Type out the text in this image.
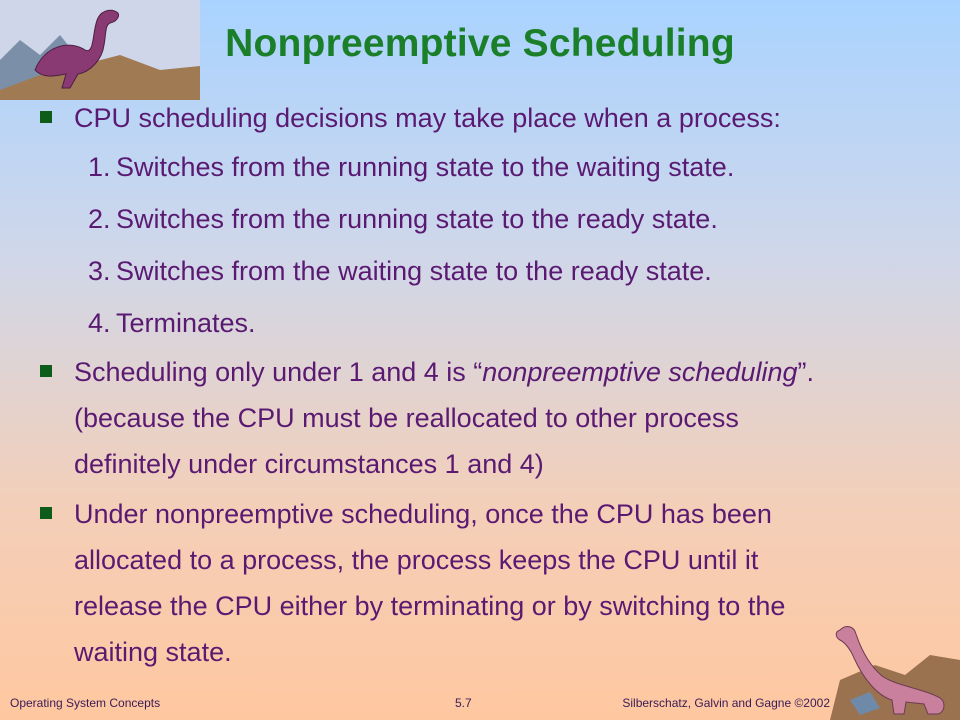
Nonpreemptive Scheduling
CPU scheduling decisions may take place when a process:
1. Switches from the running state to the waiting state.
2. Switches from the running state to the ready state.
3. Switches from the waiting state to the ready state.
4. Terminates.
Scheduling only under 1 and 4 is “nonpreemptive scheduling”.
(because the CPU must be reallocated to other process
definitely under circumstances 1 and 4)
Under nonpreemptive scheduling, once the CPU has been
allocated to a process, the process keeps the CPU until it
release the CPU either by terminating or by switching to the
waiting state.
Operating System Concepts	5.7	Silberschatz, Galvin and Gagne ©2002
